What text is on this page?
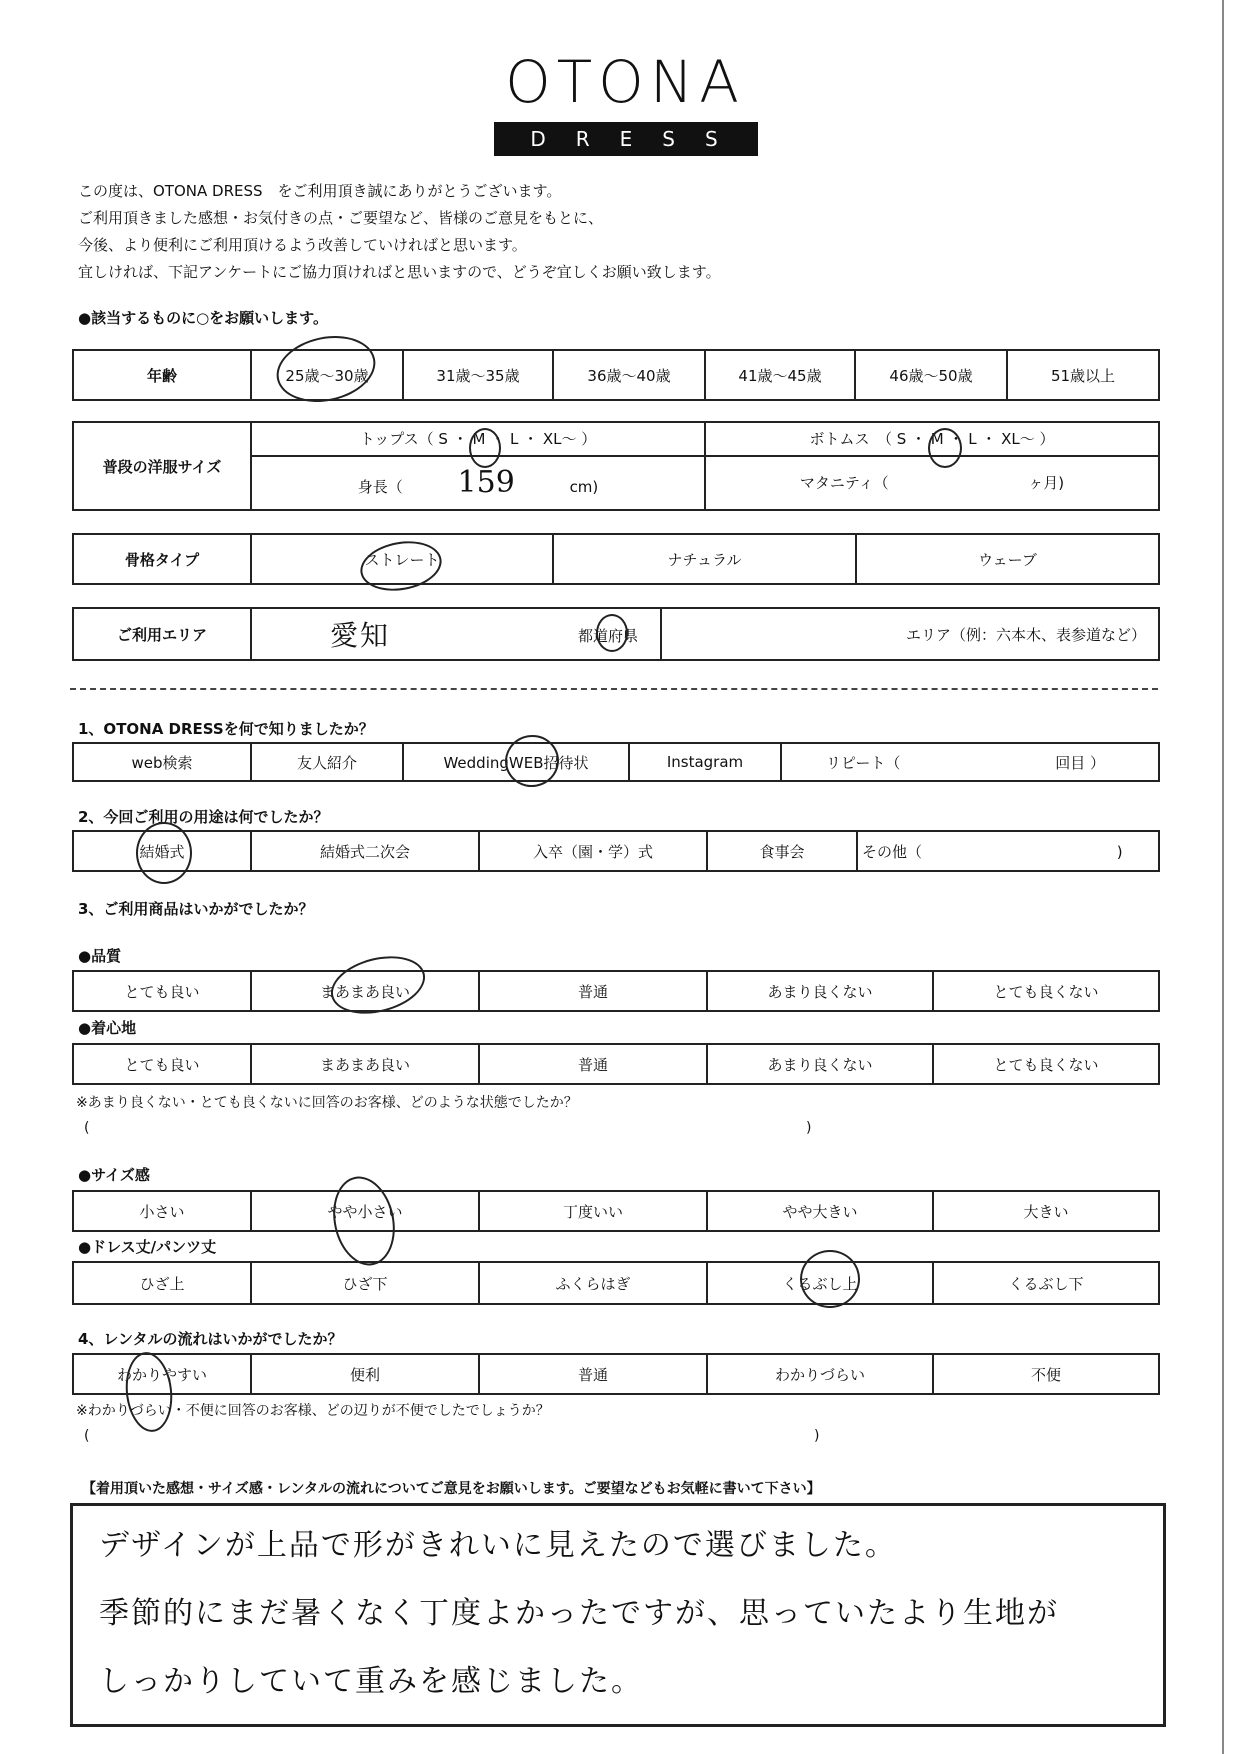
OTONA
DRESS
この度は、OTONA DRESS　をご利用頂き誠にありがとうございます。
ご利用頂きました感想・お気付きの点・ご要望など、皆様のご意見をもとに、
今後、より便利にご利用頂けるよう改善していければと思います。
宜しければ、下記アンケートにご協力頂ければと思いますので、どうぞ宜しくお願い致します。
●該当するものに○をお願いします。
年齢	25歳～30歳	31歳～35歳	36歳～40歳	41歳～45歳	46歳～50歳	51歳以上
普段の洋服サイズ	トップス（ S ・ M ・ L ・ XL～ ）	ボトムス　（ S ・ M ・ L ・ XL～ ）
	身長（ 159 cm)	マタニティ（ ヶ月)
骨格タイプ	ストレート	ナチュラル	ウェーブ
ご利用エリア	愛知	都道府県	エリア（例：六本木、表参道など）
1、OTONA DRESSを何で知りましたか？
web検索	友人紹介	WeddingWEB招待状	Instagram	リピート（	回目 ）
2、今回ご利用の用途は何でしたか？
結婚式	結婚式二次会	入卒（園・学）式	食事会	その他（	)
3、ご利用商品はいかがでしたか？
●品質
とても良い	まあまあ良い	普通	あまり良くない	とても良くない
●着心地
とても良い	まあまあ良い	普通	あまり良くない	とても良くない
※あまり良くない・とても良くないに回答のお客様、どのような状態でしたか？
(	)
●サイズ感
小さい	やや小さい	丁度いい	やや大きい	大きい
●ドレス丈/パンツ丈
ひざ上	ひざ下	ふくらはぎ	くるぶし上	くるぶし下
4、レンタルの流れはいかがでしたか？
わかりやすい	便利	普通	わかりづらい	不便
※わかりづらい・不便に回答のお客様、どの辺りが不便でしたでしょうか？
(	)
【着用頂いた感想・サイズ感・レンタルの流れについてご意見をお願いします。ご要望などもお気軽に書いて下さい】
デザインが上品で形がきれいに見えたので選びました。
季節的にまだ暑くなく丁度よかったですが、思っていたより生地が
しっかりしていて重みを感じました。
